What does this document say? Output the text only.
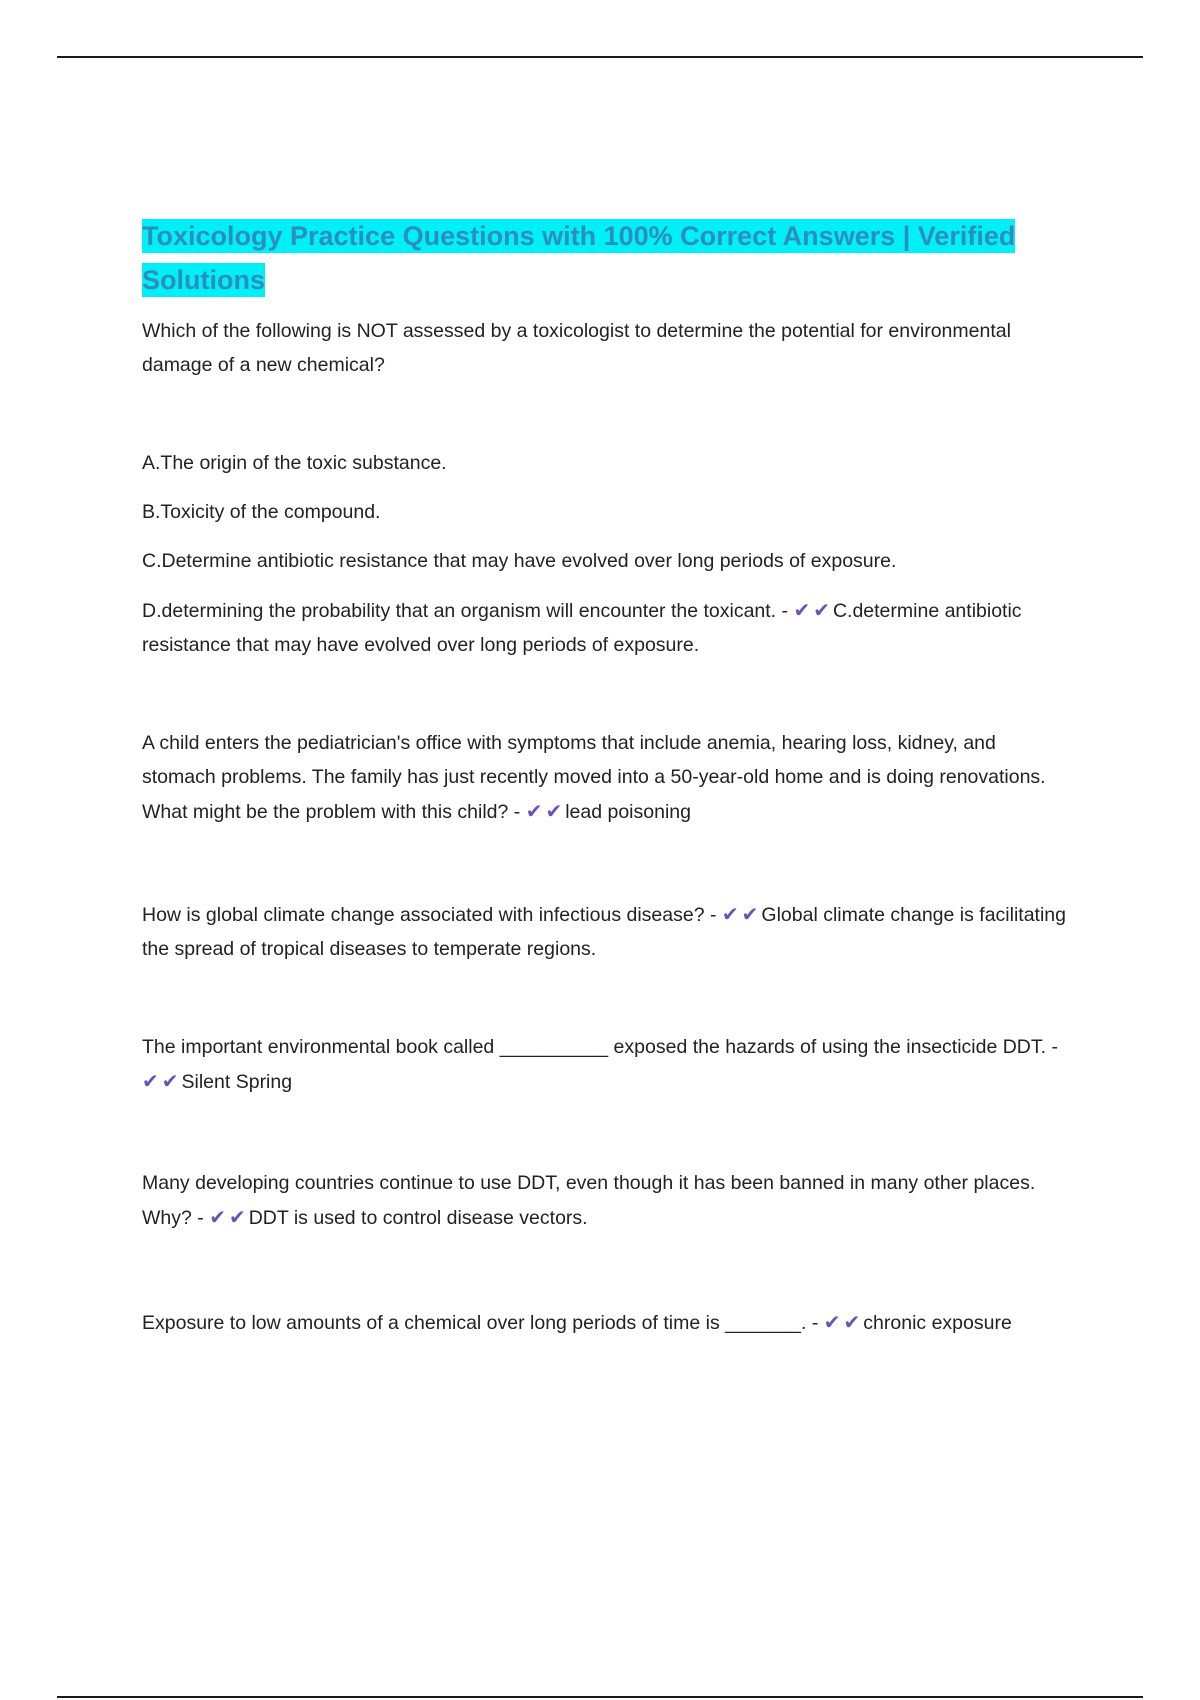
Toxicology Practice Questions with 100% Correct Answers | Verified Solutions

Which of the following is NOT assessed by a toxicologist to determine the potential for environmental damage of a new chemical?

A.The origin of the toxic substance.

B.Toxicity of the compound.

C.Determine antibiotic resistance that may have evolved over long periods of exposure.

D.determining the probability that an organism will encounter the toxicant. - ✔✔C.determine antibiotic resistance that may have evolved over long periods of exposure.

A child enters the pediatrician's office with symptoms that include anemia, hearing loss, kidney, and stomach problems. The family has just recently moved into a 50-year-old home and is doing renovations. What might be the problem with this child? - ✔✔lead poisoning

How is global climate change associated with infectious disease? - ✔✔Global climate change is facilitating the spread of tropical diseases to temperate regions.

The important environmental book called __________ exposed the hazards of using the insecticide DDT. - ✔✔Silent Spring

Many developing countries continue to use DDT, even though it has been banned in many other places. Why? - ✔✔DDT is used to control disease vectors.

Exposure to low amounts of a chemical over long periods of time is _______. - ✔✔chronic exposure
